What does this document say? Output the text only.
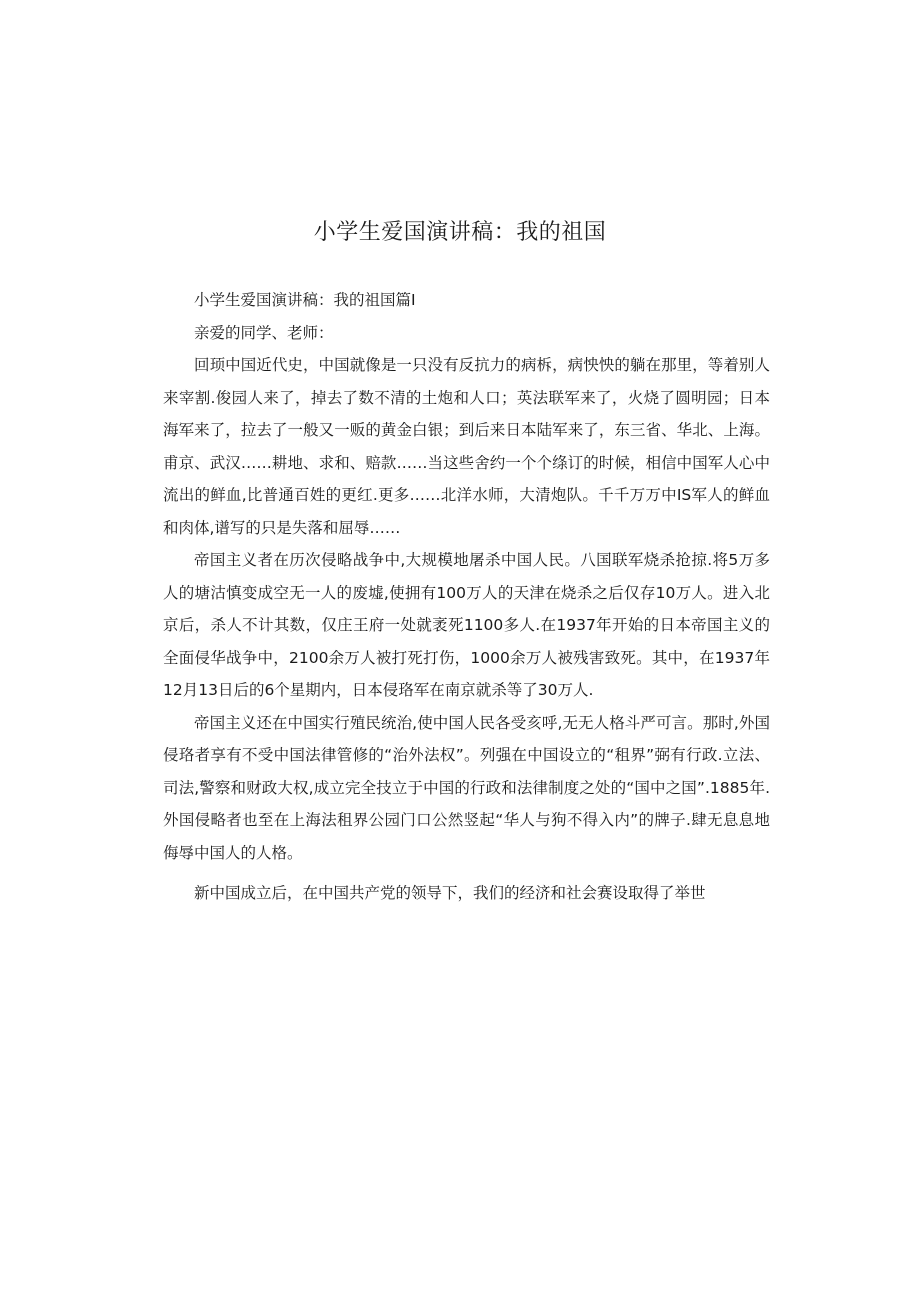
小学生爱国演讲稿：我的祖国

小学生爱国演讲稿：我的祖国篇I

亲爱的同学、老师：

回顼中国近代史，中国就像是一只没有反抗力的病柝，病怏怏的躺在那里，等着别人来宰割.俊园人来了，掉去了数不清的土炮和人口；英法联军来了，火烧了圆明园；日本海军来了，拉去了一般又一贩的黄金白银；到后来日本陆军来了，东三省、华北、上海。甫京、武汉……耕地、求和、赔款……当这些舍约一个个绦订的时候，相信中国军人心中流出的鲜血,比普通百姓的更红.更多……北洋水师，大清炮队。千千万万中IS军人的鲜血和肉体,谱写的只是失落和屈辱……

帝国主义者在历次侵略战争中,大规模地屠杀中国人民。八国联军烧杀抢掠.将5万多人的塘沽慎变成空无一人的废墟,使拥有100万人的天津在烧杀之后仅存10万人。进入北京后，杀人不计其数，仅庄王府一处就袤死1100多人.在1937年开始的日本帝国主义的全面侵华战争中，2100余万人被打死打伤，1000余万人被残害致死。其中，在1937年12月13日后的6个星期内，日本侵珞军在南京就杀等了30万人.

帝国主义还在中国实行殖民统治,使中国人民各受亥呼,无无人格斗严可言。那时,外国侵珞者享有不受中国法律管修的“治外法权”。列强在中国设立的“租界”弼有行政.立法、司法,警察和财政大权,成立完全技立于中国的行政和法律制度之处的“国中之国”.1885年.外国侵略者也至在上海法租界公园门口公然竖起“华人与狗不得入内”的牌子.肆无息息地侮辱中国人的人格。

新中国成立后，在中国共产党的领导下，我们的经济和社会赛设取得了举世
